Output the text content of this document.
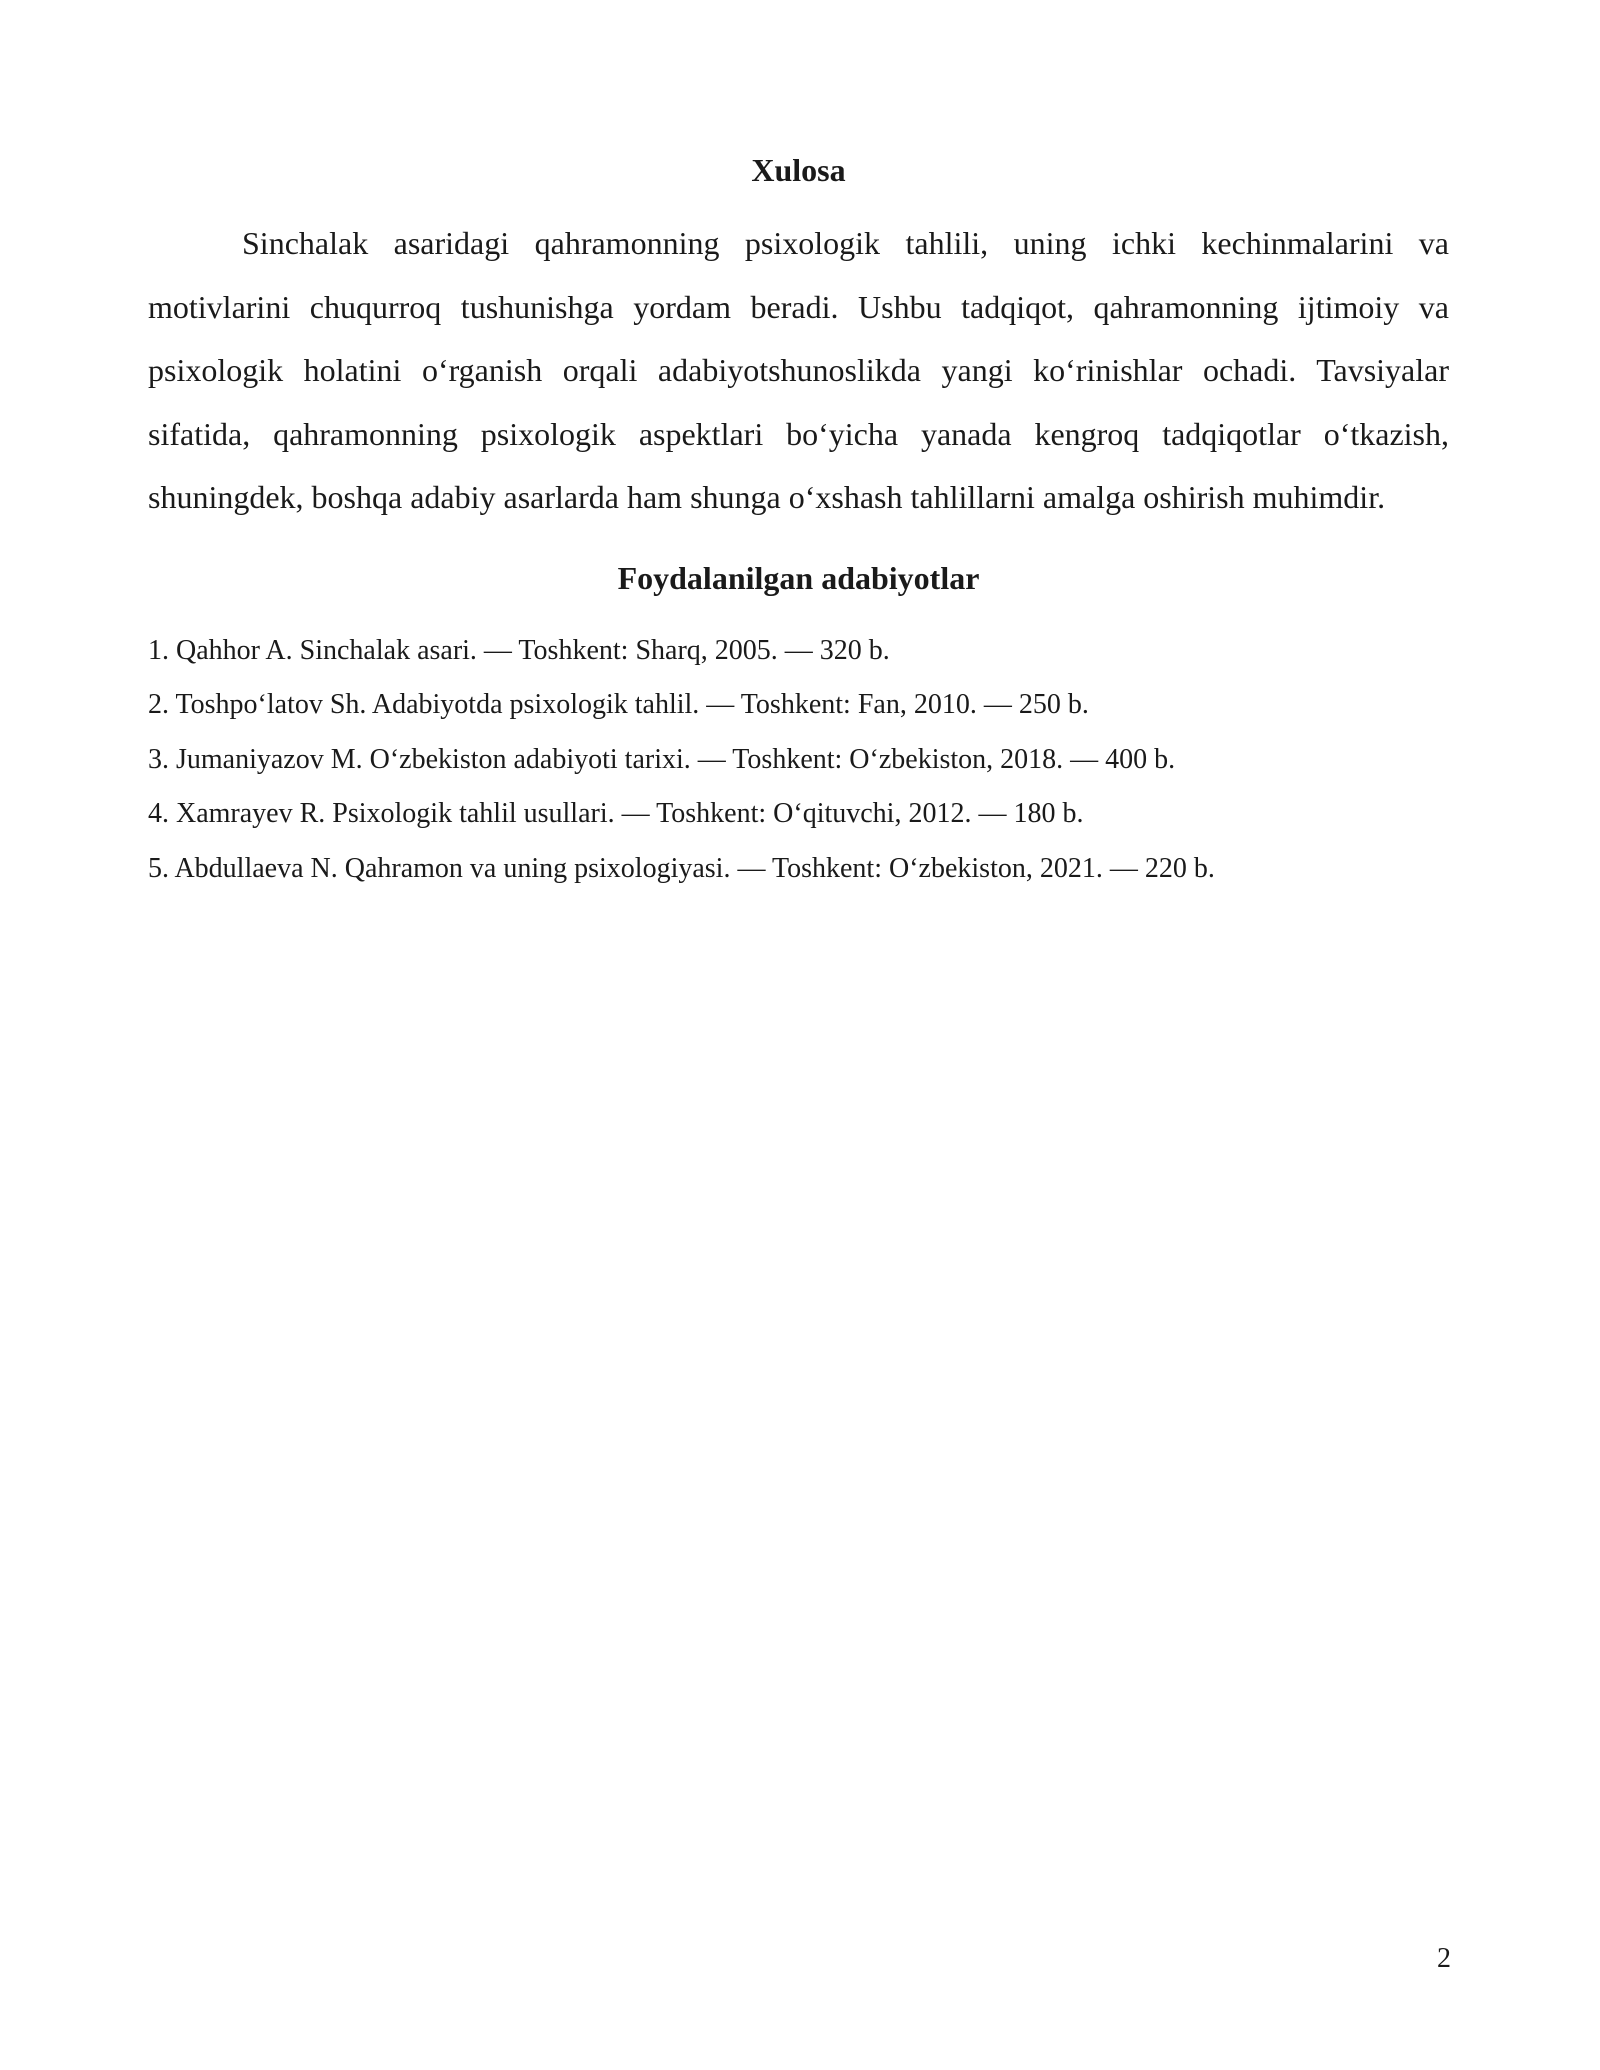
Xulosa

Sinchalak asaridagi qahramonning psixologik tahlili, uning ichki kechinmalarini va motivlarini chuqurroq tushunishga yordam beradi. Ushbu tadqiqot, qahramonning ijtimoiy va psixologik holatini o‘rganish orqali adabiyotshunoslikda yangi ko‘rinishlar ochadi. Tavsiyalar sifatida, qahramonning psixologik aspektlari bo‘yicha yanada kengroq tadqiqotlar o‘tkazish, shuningdek, boshqa adabiy asarlarda ham shunga o‘xshash tahlillarni amalga oshirish muhimdir.

Foydalanilgan adabiyotlar
1. Qahhor A. Sinchalak asari. — Toshkent: Sharq, 2005. — 320 b.
2. Toshpo‘latov Sh. Adabiyotda psixologik tahlil. — Toshkent: Fan, 2010. — 250 b.
3. Jumaniyazov M. O‘zbekiston adabiyoti tarixi. — Toshkent: O‘zbekiston, 2018. — 400 b.
4. Xamrayev R. Psixologik tahlil usullari. — Toshkent: O‘qituvchi, 2012. — 180 b.
5. Abdullaeva N. Qahramon va uning psixologiyasi. — Toshkent: O‘zbekiston, 2021. — 220 b.
2
